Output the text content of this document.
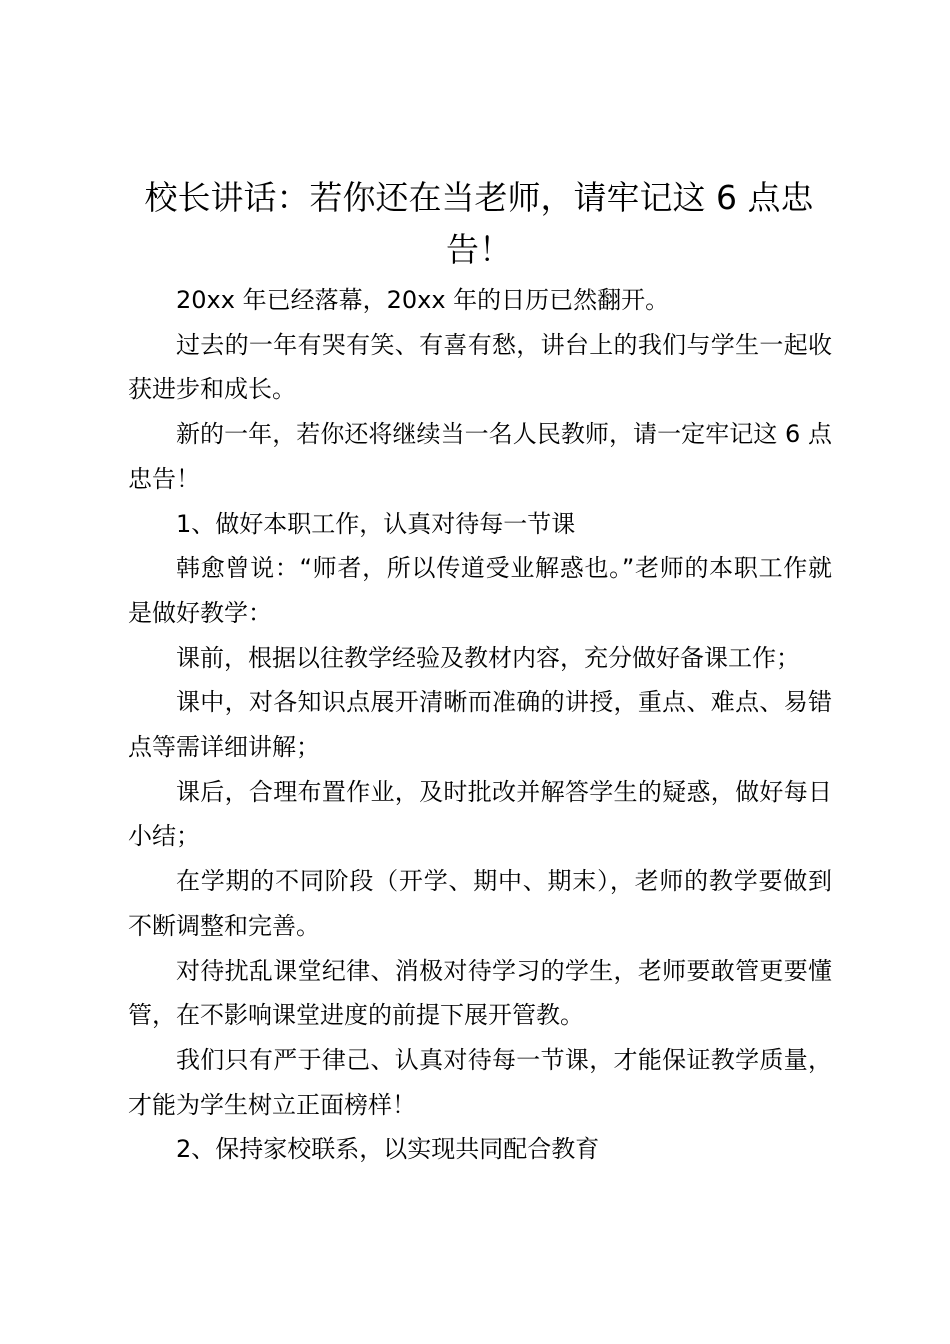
校长讲话：若你还在当老师，请牢记这 6 点忠告！

20xx 年已经落幕，20xx 年的日历已然翻开。

过去的一年有哭有笑、有喜有愁，讲台上的我们与学生一起收获进步和成长。

新的一年，若你还将继续当一名人民教师，请一定牢记这 6 点忠告！

1、做好本职工作，认真对待每一节课

韩愈曾说：“师者，所以传道受业解惑也。”老师的本职工作就是做好教学：

课前，根据以往教学经验及教材内容，充分做好备课工作；

课中，对各知识点展开清晰而准确的讲授，重点、难点、易错点等需详细讲解；

课后，合理布置作业，及时批改并解答学生的疑惑，做好每日小结；

在学期的不同阶段（开学、期中、期末），老师的教学要做到不断调整和完善。

对待扰乱课堂纪律、消极对待学习的学生，老师要敢管更要懂管，在不影响课堂进度的前提下展开管教。

我们只有严于律己、认真对待每一节课，才能保证教学质量，才能为学生树立正面榜样！

2、保持家校联系，以实现共同配合教育
